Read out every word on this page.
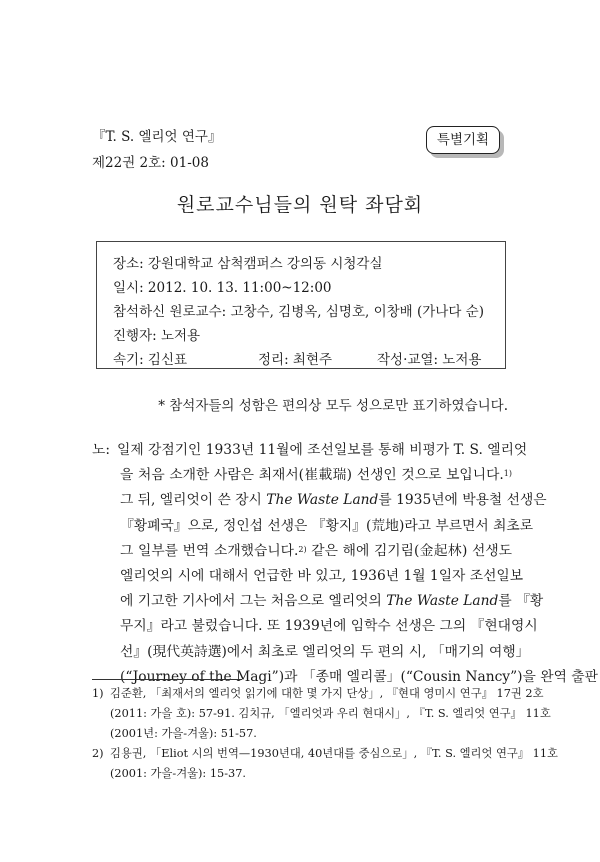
『T. S. 엘리엇 연구』
제22권 2호: 01-08
특별기획
원로교수님들의 원탁 좌담회
장소: 강원대학교 삼척캠퍼스 강의동 시청각실
일시: 2012. 10. 13. 11:00~12:00
참석하신 원로교수: 고창수, 김병옥, 심명호, 이창배 (가나다 순)
진행자: 노저용
속기: 김신표	정리: 최현주	작성·교열: 노저용
* 참석자들의 성함은 편의상 모두 성으로만 표기하였습니다.
노: 일제 강점기인 1933년 11월에 조선일보를 통해 비평가 T. S. 엘리엇
을 처음 소개한 사람은 최재서(崔載瑞) 선생인 것으로 보입니다.$^{1)}$
그 뒤, 엘리엇이 쓴 장시 The Waste Land를 1935년에 박용철 선생은
『황폐국』으로, 정인섭 선생은 『황지』(荒地)라고 부르면서 최초로
그 일부를 번역 소개했습니다.$^{2)}$ 같은 해에 김기림(金起林) 선생도
엘리엇의 시에 대해서 언급한 바 있고, 1936년 1월 1일자 조선일보
에 기고한 기사에서 그는 처음으로 엘리엇의 The Waste Land를 『황
무지』라고 불렀습니다. 또 1939년에 임학수 선생은 그의 『현대영시
선』(現代英詩選)에서 최초로 엘리엇의 두 편의 시, 「매기의 여행」
(“Journey of the Magi”)과 「종매 엘리콜」(“Cousin Nancy”)을 완역 출판
1) 김준환, 「최재서의 엘리엇 읽기에 대한 몇 가지 단상」, 『현대 영미시 연구』 17권 2호
(2011: 가을 호): 57-91. 김치규, 「엘리엇과 우리 현대시」, 『T. S. 엘리엇 연구』 11호
(2001년: 가을-겨울): 51-57.
2) 김용권, 「Eliot 시의 번역—1930년대, 40년대를 중심으로」, 『T. S. 엘리엇 연구』 11호
(2001: 가을-겨울): 15-37.
